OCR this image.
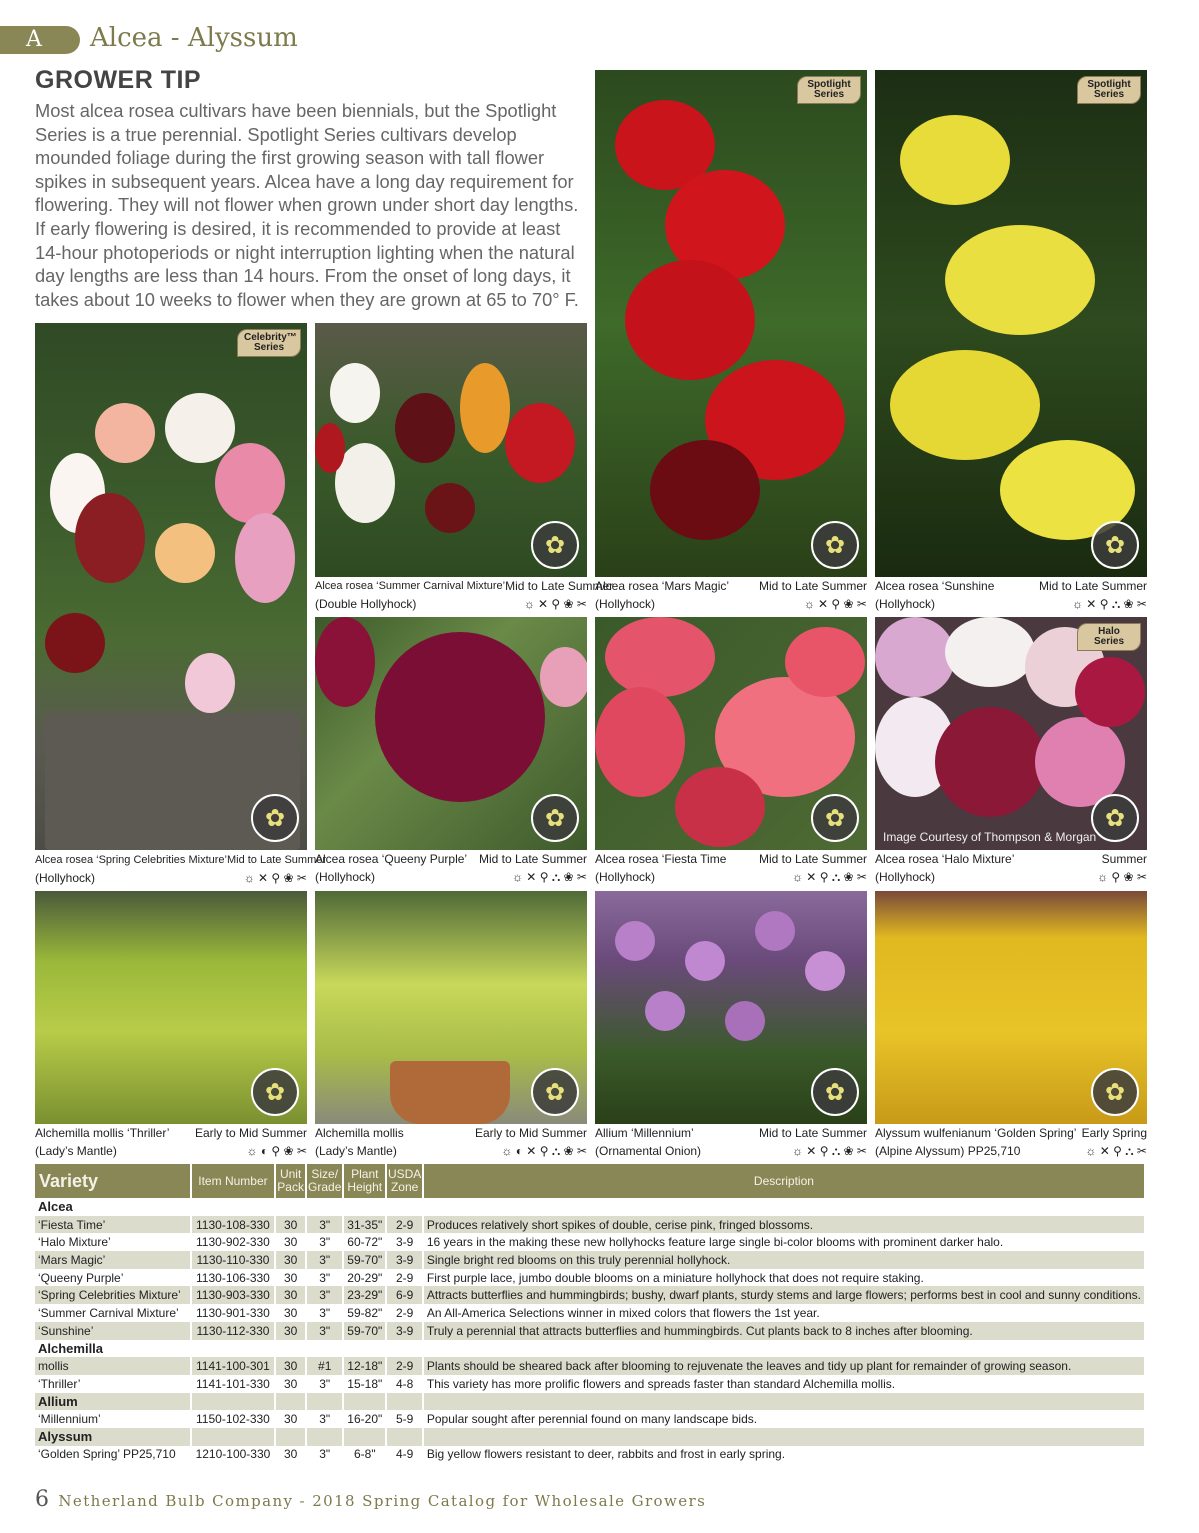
A	Alcea - Alyssum
GROWER TIP

Most alcea rosea cultivars have been biennials, but the Spotlight Series is a true perennial. Spotlight Series cultivars develop mounded foliage during the first growing season with tall flower spikes in subsequent years. Alcea have a long day requirement for flowering. They will not flower when grown under short day lengths. If early flowering is desired, it is recommended to provide at least 14-hour photoperiods or night interruption lighting when the natural day lengths are less than 14 hours. From the onset of long days, it takes about 10 weeks to flower when they are grown at 65 to 70° F.

Celebrity™ Series
✿
Alcea rosea ‘Spring Celebrities Mixture’ Mid to Late Summer
(Hollyhock)	☼ ✕ ⚲ ❀ ✂
✿
Alcea rosea ‘Summer Carnival Mixture’ Mid to Late Summer
(Double Hollyhock)	☼ ✕ ⚲ ❀ ✂
Spotlight Series
✿
Alcea rosea ‘Mars Magic’ Mid to Late Summer
(Hollyhock)	☼ ✕ ⚲ ❀ ✂
Spotlight Series
✿
Alcea rosea ‘Sunshine	Mid to Late Summer
(Hollyhock)	☼ ✕ ⚲ ⛬ ❀ ✂
✿
Alcea rosea ‘Queeny Purple’ Mid to Late Summer
(Hollyhock)	☼ ✕ ⚲ ⛬ ❀ ✂
✿
Alcea rosea ‘Fiesta Time	Mid to Late Summer
(Hollyhock)	☼ ✕ ⚲ ⛬ ❀ ✂
Halo Series
Image Courtesy of Thompson & Morgan
✿
Alcea rosea ‘Halo Mixture’	Summer
(Hollyhock)	☼ ⚲ ❀ ✂
✿
Alchemilla mollis ‘Thriller’ Early to Mid Summer
(Lady’s Mantle)	☼ ◐ ⚲ ❀ ✂
✿
Alchemilla mollis	Early to Mid Summer
(Lady’s Mantle)	☼ ◐ ✕ ⚲ ⛬ ❀ ✂
✿
Allium ‘Millennium’	Mid to Late Summer
(Ornamental Onion)	☼ ✕ ⚲ ⛬ ❀ ✂
✿
Alyssum wulfenianum ‘Golden Spring’ Early Spring
(Alpine Alyssum) PP25,710	☼ ✕ ⚲ ⛬ ✂
Variety	Item Number	Unit Pack	Size/ Grade	Plant Height	USDA Zone	Description
Alcea						
‘Fiesta Time’	1130-108-330	30	3"	31-35"	2-9	Produces relatively short spikes of double, cerise pink, fringed blossoms.
‘Halo Mixture’	1130-902-330	30	3"	60-72"	3-9	16 years in the making these new hollyhocks feature large single bi-color blooms with prominent darker halo.
‘Mars Magic’	1130-110-330	30	3"	59-70"	3-9	Single bright red blooms on this truly perennial hollyhock.
‘Queeny Purple’	1130-106-330	30	3"	20-29"	2-9	First purple lace, jumbo double blooms on a miniature hollyhock that does not require staking.
‘Spring Celebrities Mixture’	1130-903-330	30	3"	23-29"	6-9	Attracts butterflies and hummingbirds; bushy, dwarf plants, sturdy stems and large flowers; performs best in cool and sunny conditions.
‘Summer Carnival Mixture’	1130-901-330	30	3"	59-82"	2-9	An All-America Selections winner in mixed colors that flowers the 1st year.
‘Sunshine’	1130-112-330	30	3"	59-70"	3-9	Truly a perennial that attracts butterflies and hummingbirds. Cut plants back to 8 inches after blooming.
Alchemilla						
mollis	1141-100-301	30	#1	12-18"	2-9	Plants should be sheared back after blooming to rejuvenate the leaves and tidy up plant for remainder of growing season.
‘Thriller’	1141-101-330	30	3"	15-18"	4-8	This variety has more prolific flowers and spreads faster than standard Alchemilla mollis.
Allium						
‘Millennium’	1150-102-330	30	3"	16-20"	5-9	Popular sought after perennial found on many landscape bids.
Alyssum						
‘Golden Spring’ PP25,710	1210-100-330	30	3"	6-8"	4-9	Big yellow flowers resistant to deer, rabbits and frost in early spring.
6 Netherland Bulb Company - 2018 Spring Catalog for Wholesale Growers
